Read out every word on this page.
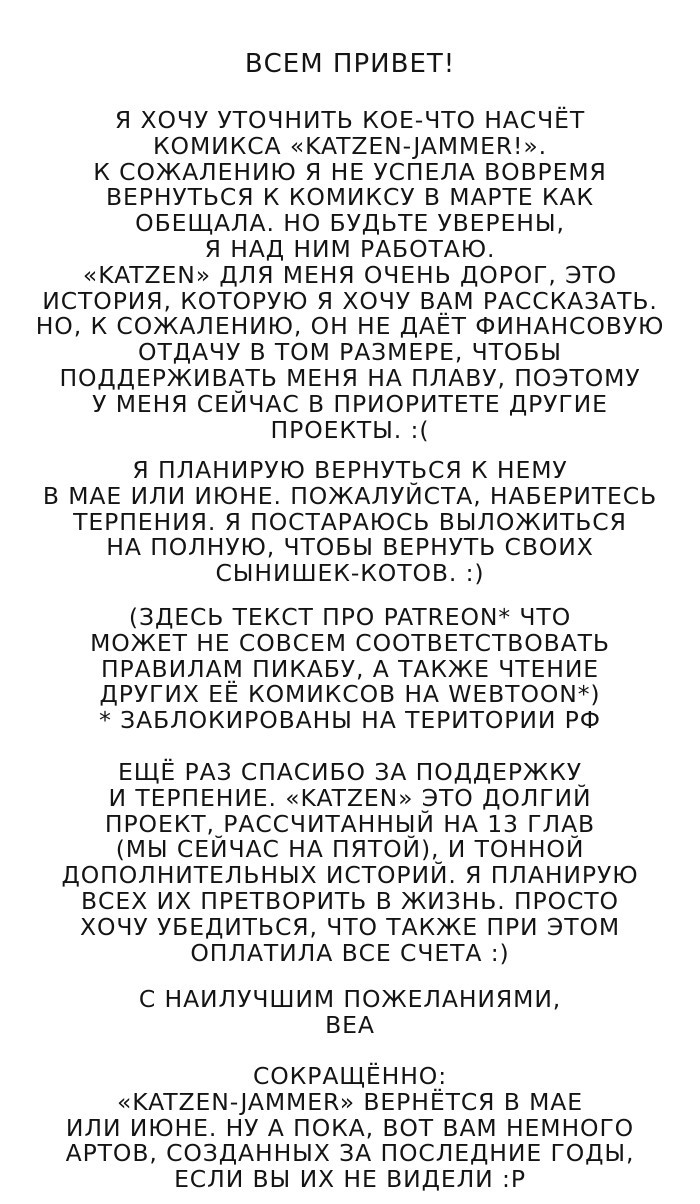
ВСЕМ ПРИВЕТ!
Я ХОЧУ УТОЧНИТЬ КОЕ-ЧТО НАСЧЁТ
КОМИКСА «KATZEN-JAMMER!».
К СОЖАЛЕНИЮ Я НЕ УСПЕЛА ВОВРЕМЯ
ВЕРНУТЬСЯ К КОМИКСУ В МАРТЕ КАК
ОБЕЩАЛА. НО БУДЬТЕ УВЕРЕНЫ,
Я НАД НИМ РАБОТАЮ.
«KATZEN» ДЛЯ МЕНЯ ОЧЕНЬ ДОРОГ, ЭТО
ИСТОРИЯ, КОТОРУЮ Я ХОЧУ ВАМ РАССКАЗАТЬ.
НО, К СОЖАЛЕНИЮ, ОН НЕ ДАЁТ ФИНАНСОВУЮ
ОТДАЧУ В ТОМ РАЗМЕРЕ, ЧТОБЫ
ПОДДЕРЖИВАТЬ МЕНЯ НА ПЛАВУ, ПОЭТОМУ
У МЕНЯ СЕЙЧАС В ПРИОРИТЕТЕ ДРУГИЕ
ПРОЕКТЫ. :(
Я ПЛАНИРУЮ ВЕРНУТЬСЯ К НЕМУ
В МАЕ ИЛИ ИЮНЕ. ПОЖАЛУЙСТА, НАБЕРИТЕСЬ
ТЕРПЕНИЯ. Я ПОСТАРАЮСЬ ВЫЛОЖИТЬСЯ
НА ПОЛНУЮ, ЧТОБЫ ВЕРНУТЬ СВОИХ
СЫНИШЕК-КОТОВ. :)
(ЗДЕСЬ ТЕКСТ ПРО PATREON* ЧТО
МОЖЕТ НЕ СОВСЕМ СООТВЕТСТВОВАТЬ
ПРАВИЛАМ ПИКАБУ, А ТАКЖЕ ЧТЕНИЕ
ДРУГИХ ЕЁ КОМИКСОВ НА WEBTOON*)
* ЗАБЛОКИРОВАНЫ НА ТЕРИТОРИИ РФ
ЕЩЁ РАЗ СПАСИБО ЗА ПОДДЕРЖКУ
И ТЕРПЕНИЕ. «KATZEN» ЭТО ДОЛГИЙ
ПРОЕКТ, РАССЧИТАННЫЙ НА 13 ГЛАВ
(МЫ СЕЙЧАС НА ПЯТОЙ), И ТОННОЙ
ДОПОЛНИТЕЛЬНЫХ ИСТОРИЙ. Я ПЛАНИРУЮ
ВСЕХ ИХ ПРЕТВОРИТЬ В ЖИЗНЬ. ПРОСТО
ХОЧУ УБЕДИТЬСЯ, ЧТО ТАКЖЕ ПРИ ЭТОМ
ОПЛАТИЛА ВСЕ СЧЕТА :)
С НАИЛУЧШИМ ПОЖЕЛАНИЯМИ,
ВЕА
СОКРАЩЁННО:
«KATZEN-JAMMER» ВЕРНЁТСЯ В МАЕ
ИЛИ ИЮНЕ. НУ А ПОКА, ВОТ ВАМ НЕМНОГО
АРТОВ, СОЗДАННЫХ ЗА ПОСЛЕДНИЕ ГОДЫ,
ЕСЛИ ВЫ ИХ НЕ ВИДЕЛИ :P
